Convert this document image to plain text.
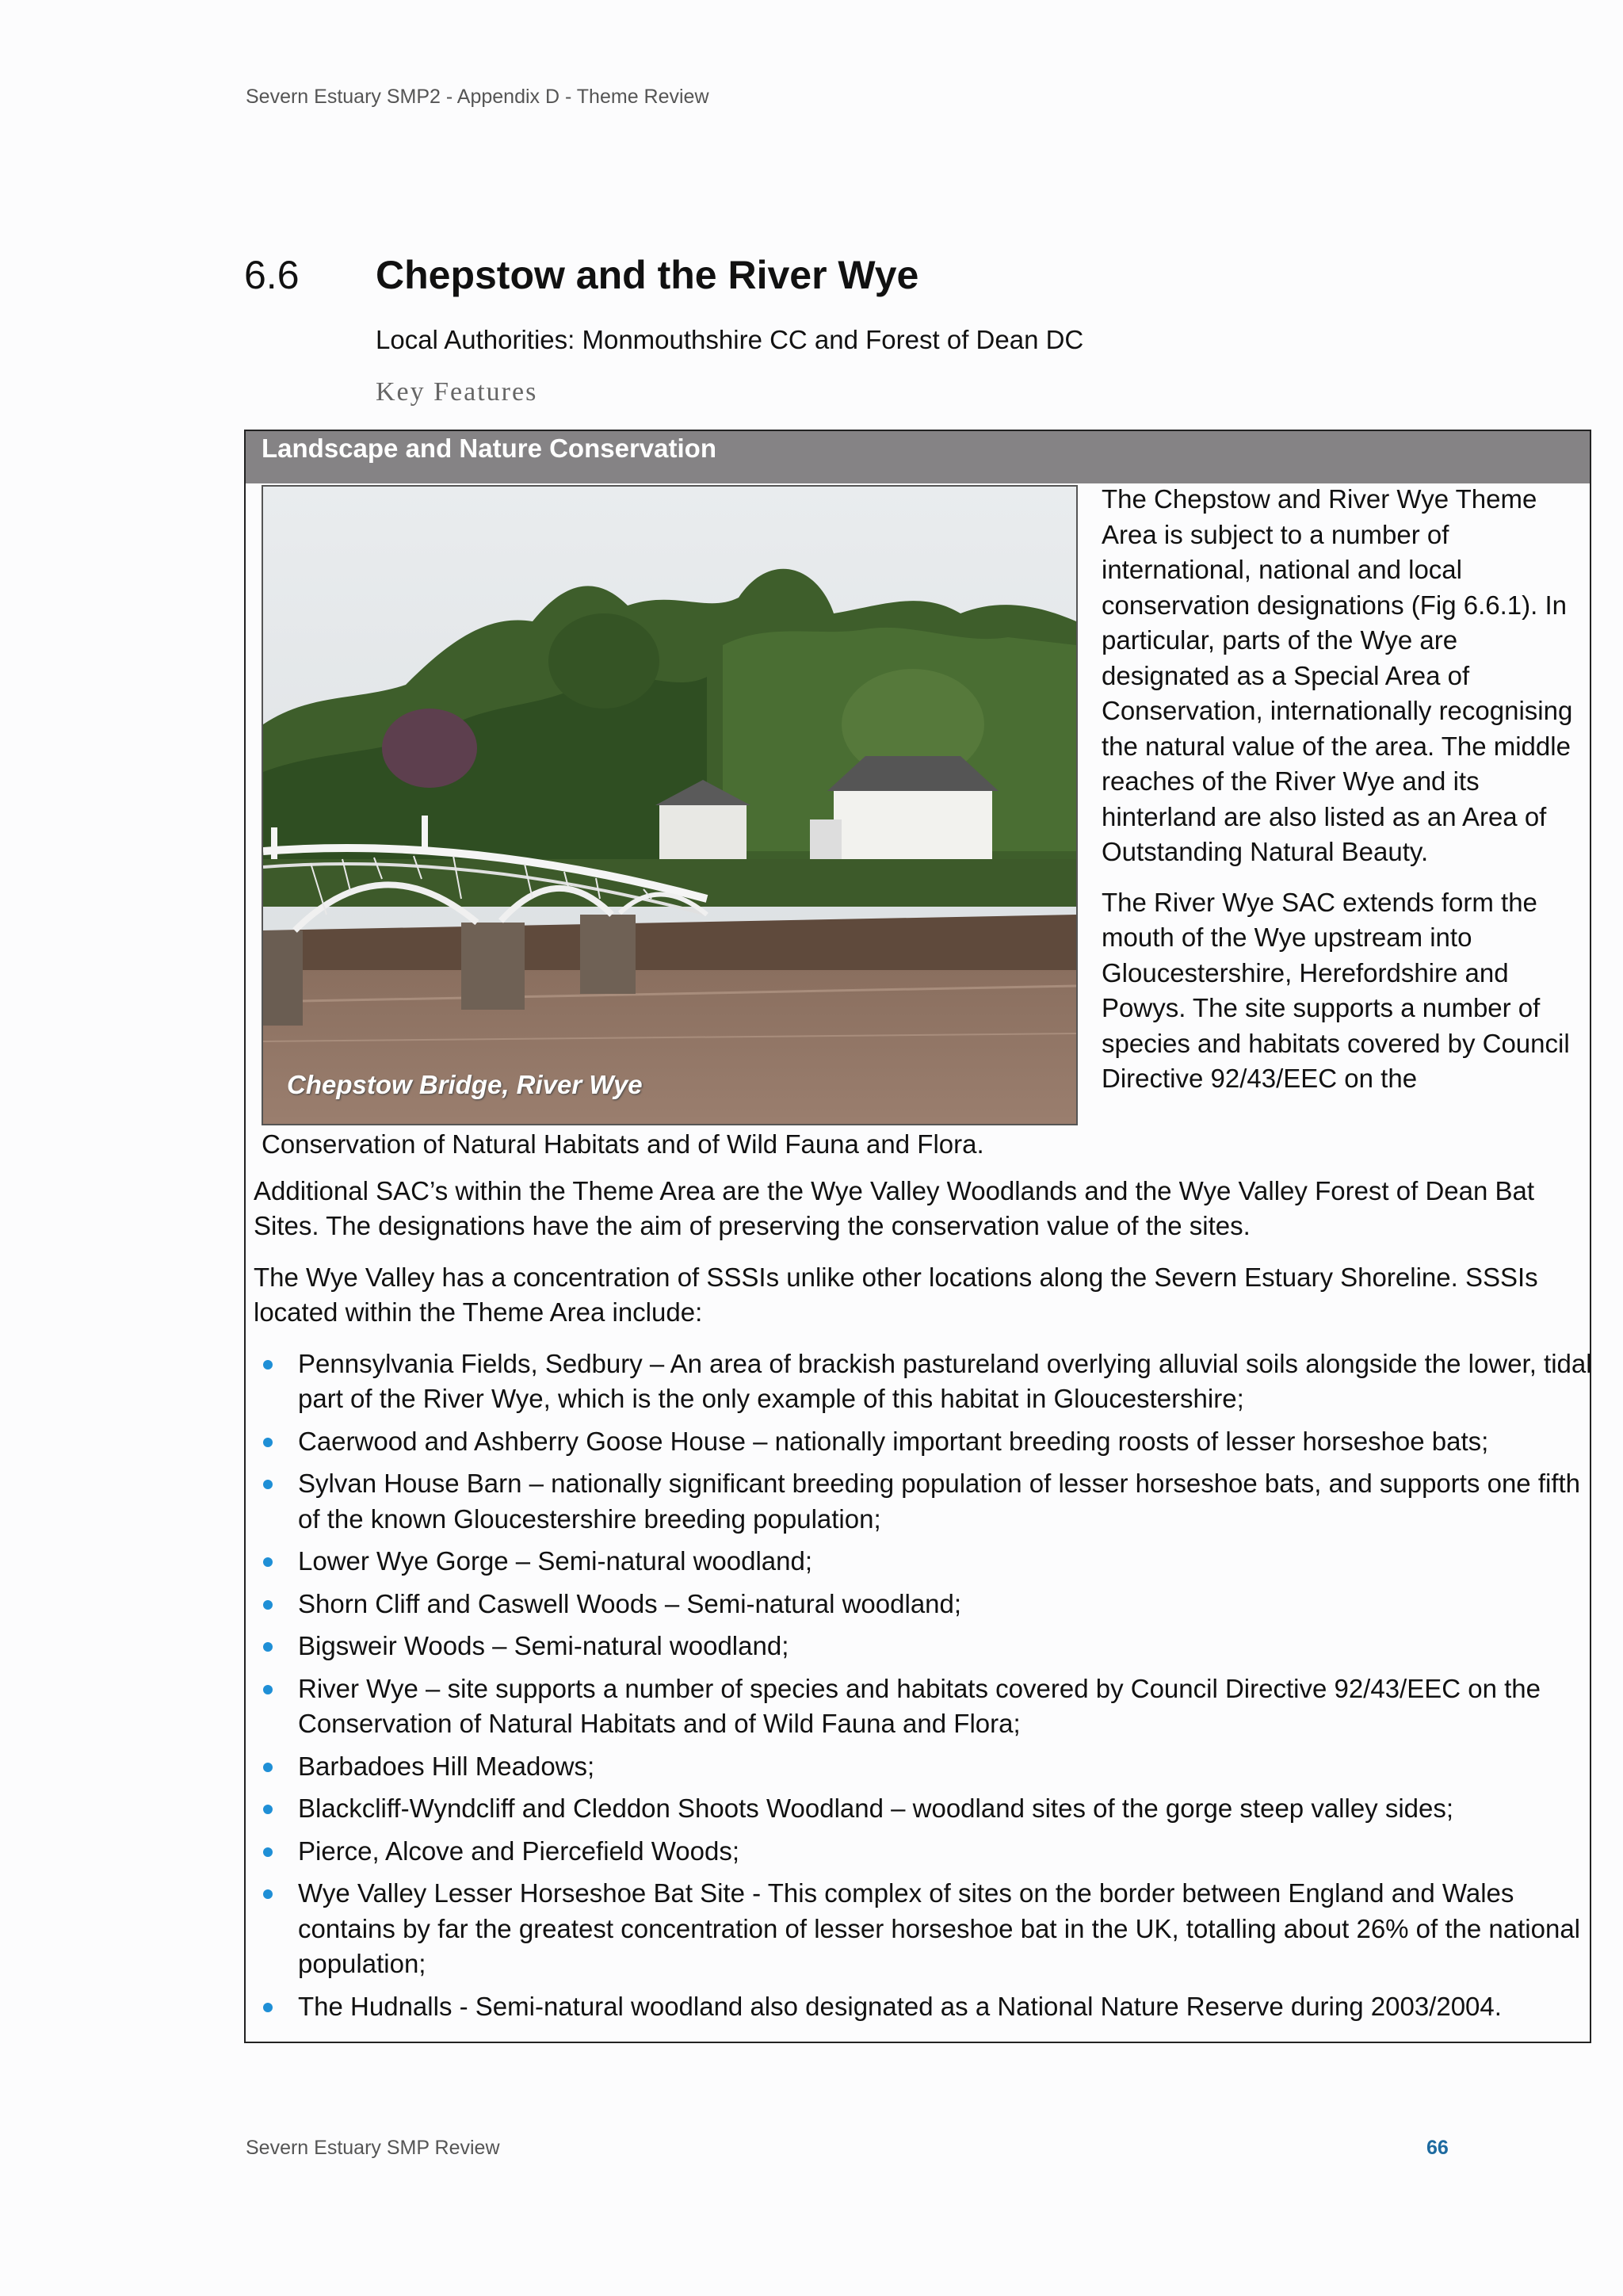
Severn Estuary SMP2 - Appendix D - Theme Review
6.6	Chepstow and the River Wye
Local Authorities: Monmouthshire CC and Forest of Dean DC
Key Features
Landscape and Nature Conservation
Chepstow Bridge, River Wye

The Chepstow and River Wye Theme Area is subject to a number of international, national and local conservation designations (Fig 6.6.1). In particular, parts of the Wye are designated as a Special Area of Conservation, internationally recognising the natural value of the area. The middle reaches of the River Wye and its hinterland are also listed as an Area of Outstanding Natural Beauty.

The River Wye SAC extends form the mouth of the Wye upstream into Gloucestershire, Herefordshire and Powys. The site supports a number of species and habitats covered by Council Directive 92/43/EEC on the

Conservation of Natural Habitats and of Wild Fauna and Flora.

Additional SAC’s within the Theme Area are the Wye Valley Woodlands and the Wye Valley Forest of Dean Bat Sites. The designations have the aim of preserving the conservation value of the sites.

The Wye Valley has a concentration of SSSIs unlike other locations along the Severn Estuary Shoreline. SSSIs located within the Theme Area include:

Pennsylvania Fields, Sedbury – An area of brackish pastureland overlying alluvial soils alongside the lower, tidal part of the River Wye, which is the only example of this habitat in Gloucestershire;
Caerwood and Ashberry Goose House – nationally important breeding roosts of lesser horseshoe bats;
Sylvan House Barn – nationally significant breeding population of lesser horseshoe bats, and supports one fifth of the known Gloucestershire breeding population;
Lower Wye Gorge – Semi-natural woodland;
Shorn Cliff and Caswell Woods – Semi-natural woodland;
Bigsweir Woods – Semi-natural woodland;
River Wye – site supports a number of species and habitats covered by Council Directive 92/43/EEC on the Conservation of Natural Habitats and of Wild Fauna and Flora;
Barbadoes Hill Meadows;
Blackcliff-Wyndcliff and Cleddon Shoots Woodland – woodland sites of the gorge steep valley sides;
Pierce, Alcove and Piercefield Woods;
Wye Valley Lesser Horseshoe Bat Site - This complex of sites on the border between England and Wales contains by far the greatest concentration of lesser horseshoe bat in the UK, totalling about 26% of the national population;
The Hudnalls - Semi-natural woodland also designated as a National Nature Reserve during 2003/2004.
Severn Estuary SMP Review	66
